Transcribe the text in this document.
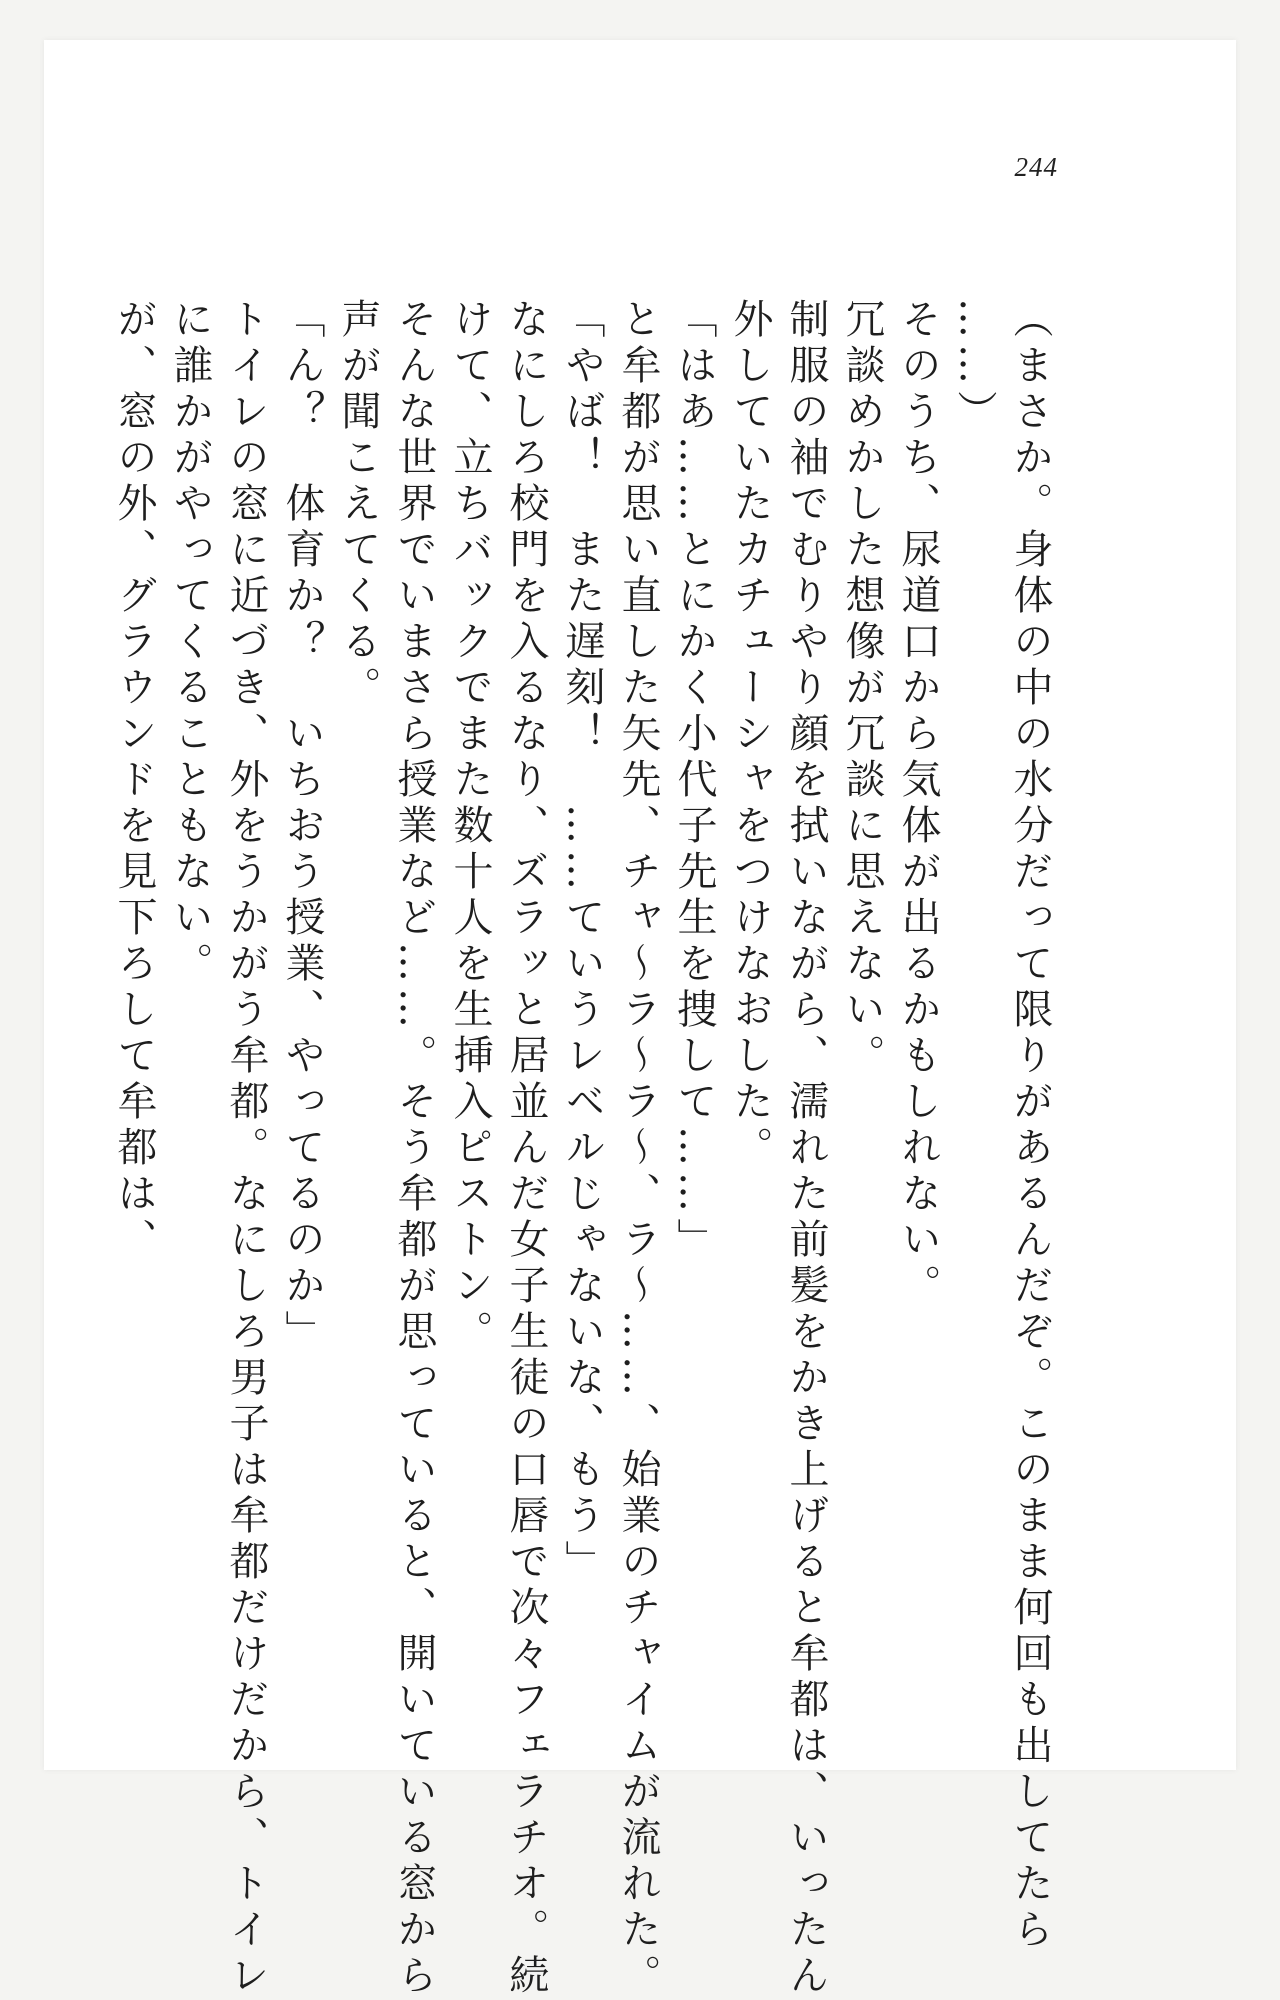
244

（まさか。身体の中の水分だって限りがあるんだぞ。このまま何回も出してたら

……）

そのうち、尿道口から気体が出るかもしれない。

冗談めかした想像が冗談に思えない。

制服の袖でむりやり顔を拭いながら、濡れた前髪をかき上げると牟都は、いったん

外していたカチューシャをつけなおした。

「はあ……とにかく小代子先生を捜して……」

と牟都が思い直した矢先、チャ〜ラ〜ラ〜、ラ〜……、始業のチャイムが流れた。

「やば！　また遅刻！　……ていうレベルじゃないな、もう」

なにしろ校門を入るなり、ズラッと居並んだ女子生徒の口唇で次々フェラチオ。続

けて、立ちバックでまた数十人を生挿入ピストン。

そんな世界でいまさら授業など……。そう牟都が思っていると、開いている窓から

声が聞こえてくる。

「ん？　体育か？　いちおう授業、やってるのか」

トイレの窓に近づき、外をうかがう牟都。なにしろ男子は牟都だけだから、トイレ

に誰かがやってくることもない。

が、窓の外、グラウンドを見下ろして牟都は、
